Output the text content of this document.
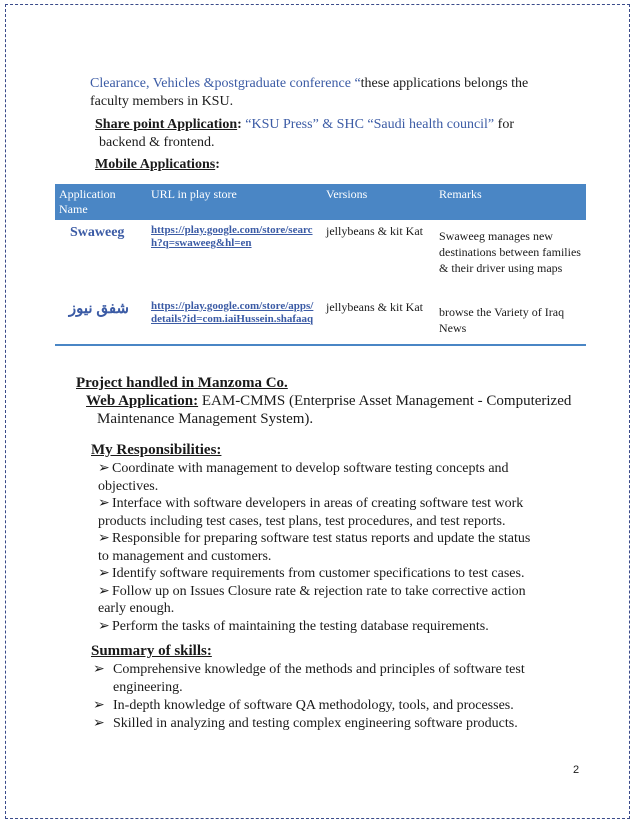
Clearance, Vehicles &postgraduate conference “these applications belongs the
faculty members in KSU.
Share point Application: “KSU Press” & SHC “Saudi health council” for
backend & frontend.
Mobile Applications:
Application Name	URL in play store	Versions	Remarks

Swaweeg	https://play.google.com/store/search?q=swaweeg&hl=en	jellybeans & kit Kat	Swaweeg manages new destinations between families & their driver using maps

شفق نيوز	https://play.google.com/store/apps/details?id=com.iaiHussein.shafaaq	jellybeans & kit Kat	browse the Variety of Iraq News
Project handled in Manzoma Co.
Web Application: EAM-CMMS (Enterprise Asset Management - Computerized
Maintenance Management System).
My Responsibilities:
➢ Coordinate with management to develop software testing concepts and
objectives.
➢ Interface with software developers in areas of creating software test work
products including test cases, test plans, test procedures, and test reports.
➢ Responsible for preparing software test status reports and update the status
to management and customers.
➢ Identify software requirements from customer specifications to test cases.
➢ Follow up on Issues Closure rate & rejection rate to take corrective action
early enough.
➢ Perform the tasks of maintaining the testing database requirements.
Summary of skills:
➢ Comprehensive knowledge of the methods and principles of software test
engineering.
➢ In-depth knowledge of software QA methodology, tools, and processes.
➢ Skilled in analyzing and testing complex engineering software products.
2
